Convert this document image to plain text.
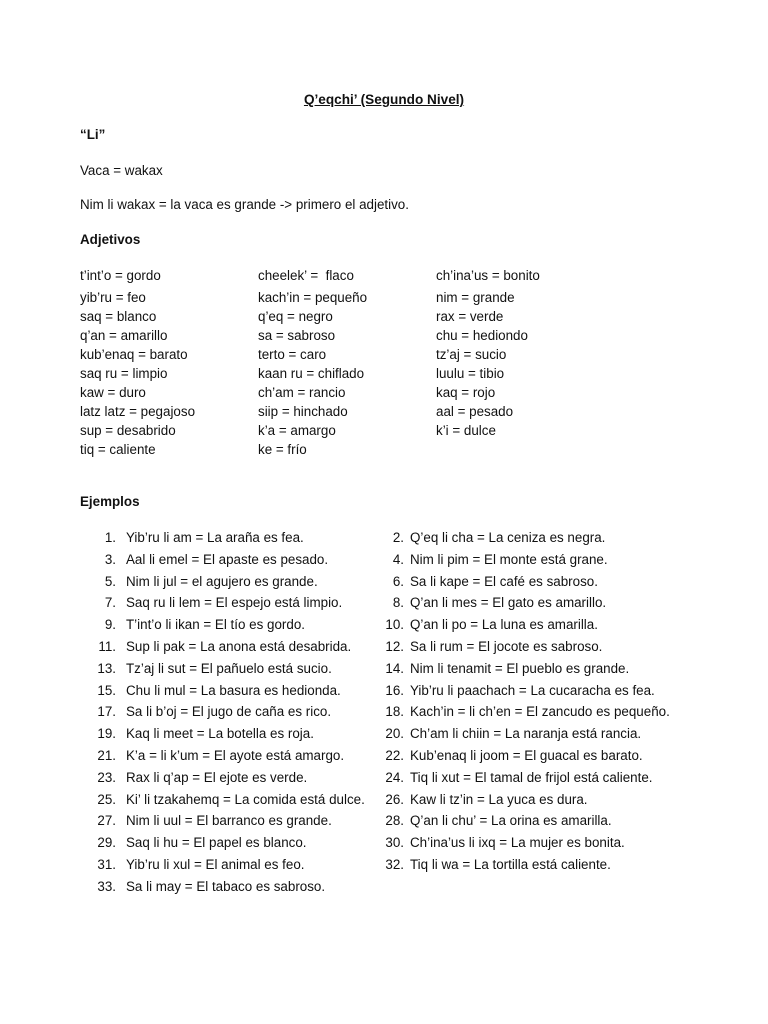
Q’eqchi’ (Segundo Nivel)
“Li”
Vaca = wakax
Nim li wakax = la vaca es grande -> primero el adjetivo.
Adjetivos
t’int’o = gordo
yib’ru = feo
saq = blanco
q’an = amarillo
kub’enaq = barato
saq ru = limpio
kaw = duro
latz latz = pegajoso
sup = desabrido
tiq = caliente
cheelek’ =  flaco
kach’in = pequeño
q’eq = negro
sa = sabroso
terto = caro
kaan ru = chiflado
ch’am = rancio
siip = hinchado
k’a = amargo
ke = frío
ch’ina’us = bonito
nim = grande
rax = verde
chu = hediondo
tz’aj = sucio
luulu = tibio
kaq = rojo
aal = pesado
k’i = dulce
Ejemplos
1. Yib’ru li am = La araña es fea.
3. Aal li emel = El apaste es pesado.
5. Nim li jul = el agujero es grande.
7. Saq ru li lem = El espejo está limpio.
9. T’int’o li ikan = El tío es gordo.
11. Sup li pak = La anona está desabrida.
13. Tz’aj li sut = El pañuelo está sucio.
15. Chu li mul = La basura es hedionda.
17. Sa li b’oj = El jugo de caña es rico.
19. Kaq li meet = La botella es roja.
21. K’a = li k’um = El ayote está amargo.
23. Rax li q’ap = El ejote es verde.
25. Ki’ li tzakahemq = La comida está dulce.
27. Nim li uul = El barranco es grande.
29. Saq li hu = El papel es blanco.
31. Yib’ru li xul = El animal es feo.
33. Sa li may = El tabaco es sabroso.
2. Q’eq li cha = La ceniza es negra.
4. Nim li pim = El monte está grane.
6. Sa li kape = El café es sabroso.
8. Q’an li mes = El gato es amarillo.
10. Q’an li po = La luna es amarilla.
12. Sa li rum = El jocote es sabroso.
14. Nim li tenamit = El pueblo es grande.
16. Yib’ru li paachach = La cucaracha es fea.
18. Kach’in = li ch’en = El zancudo es pequeño.
20. Ch’am li chiin = La naranja está rancia.
22. Kub’enaq li joom = El guacal es barato.
24. Tiq li xut = El tamal de frijol está caliente.
26. Kaw li tz’in = La yuca es dura.
28. Q’an li chu’ = La orina es amarilla.
30. Ch’ina’us li ixq = La mujer es bonita.
32. Tiq li wa = La tortilla está caliente.
